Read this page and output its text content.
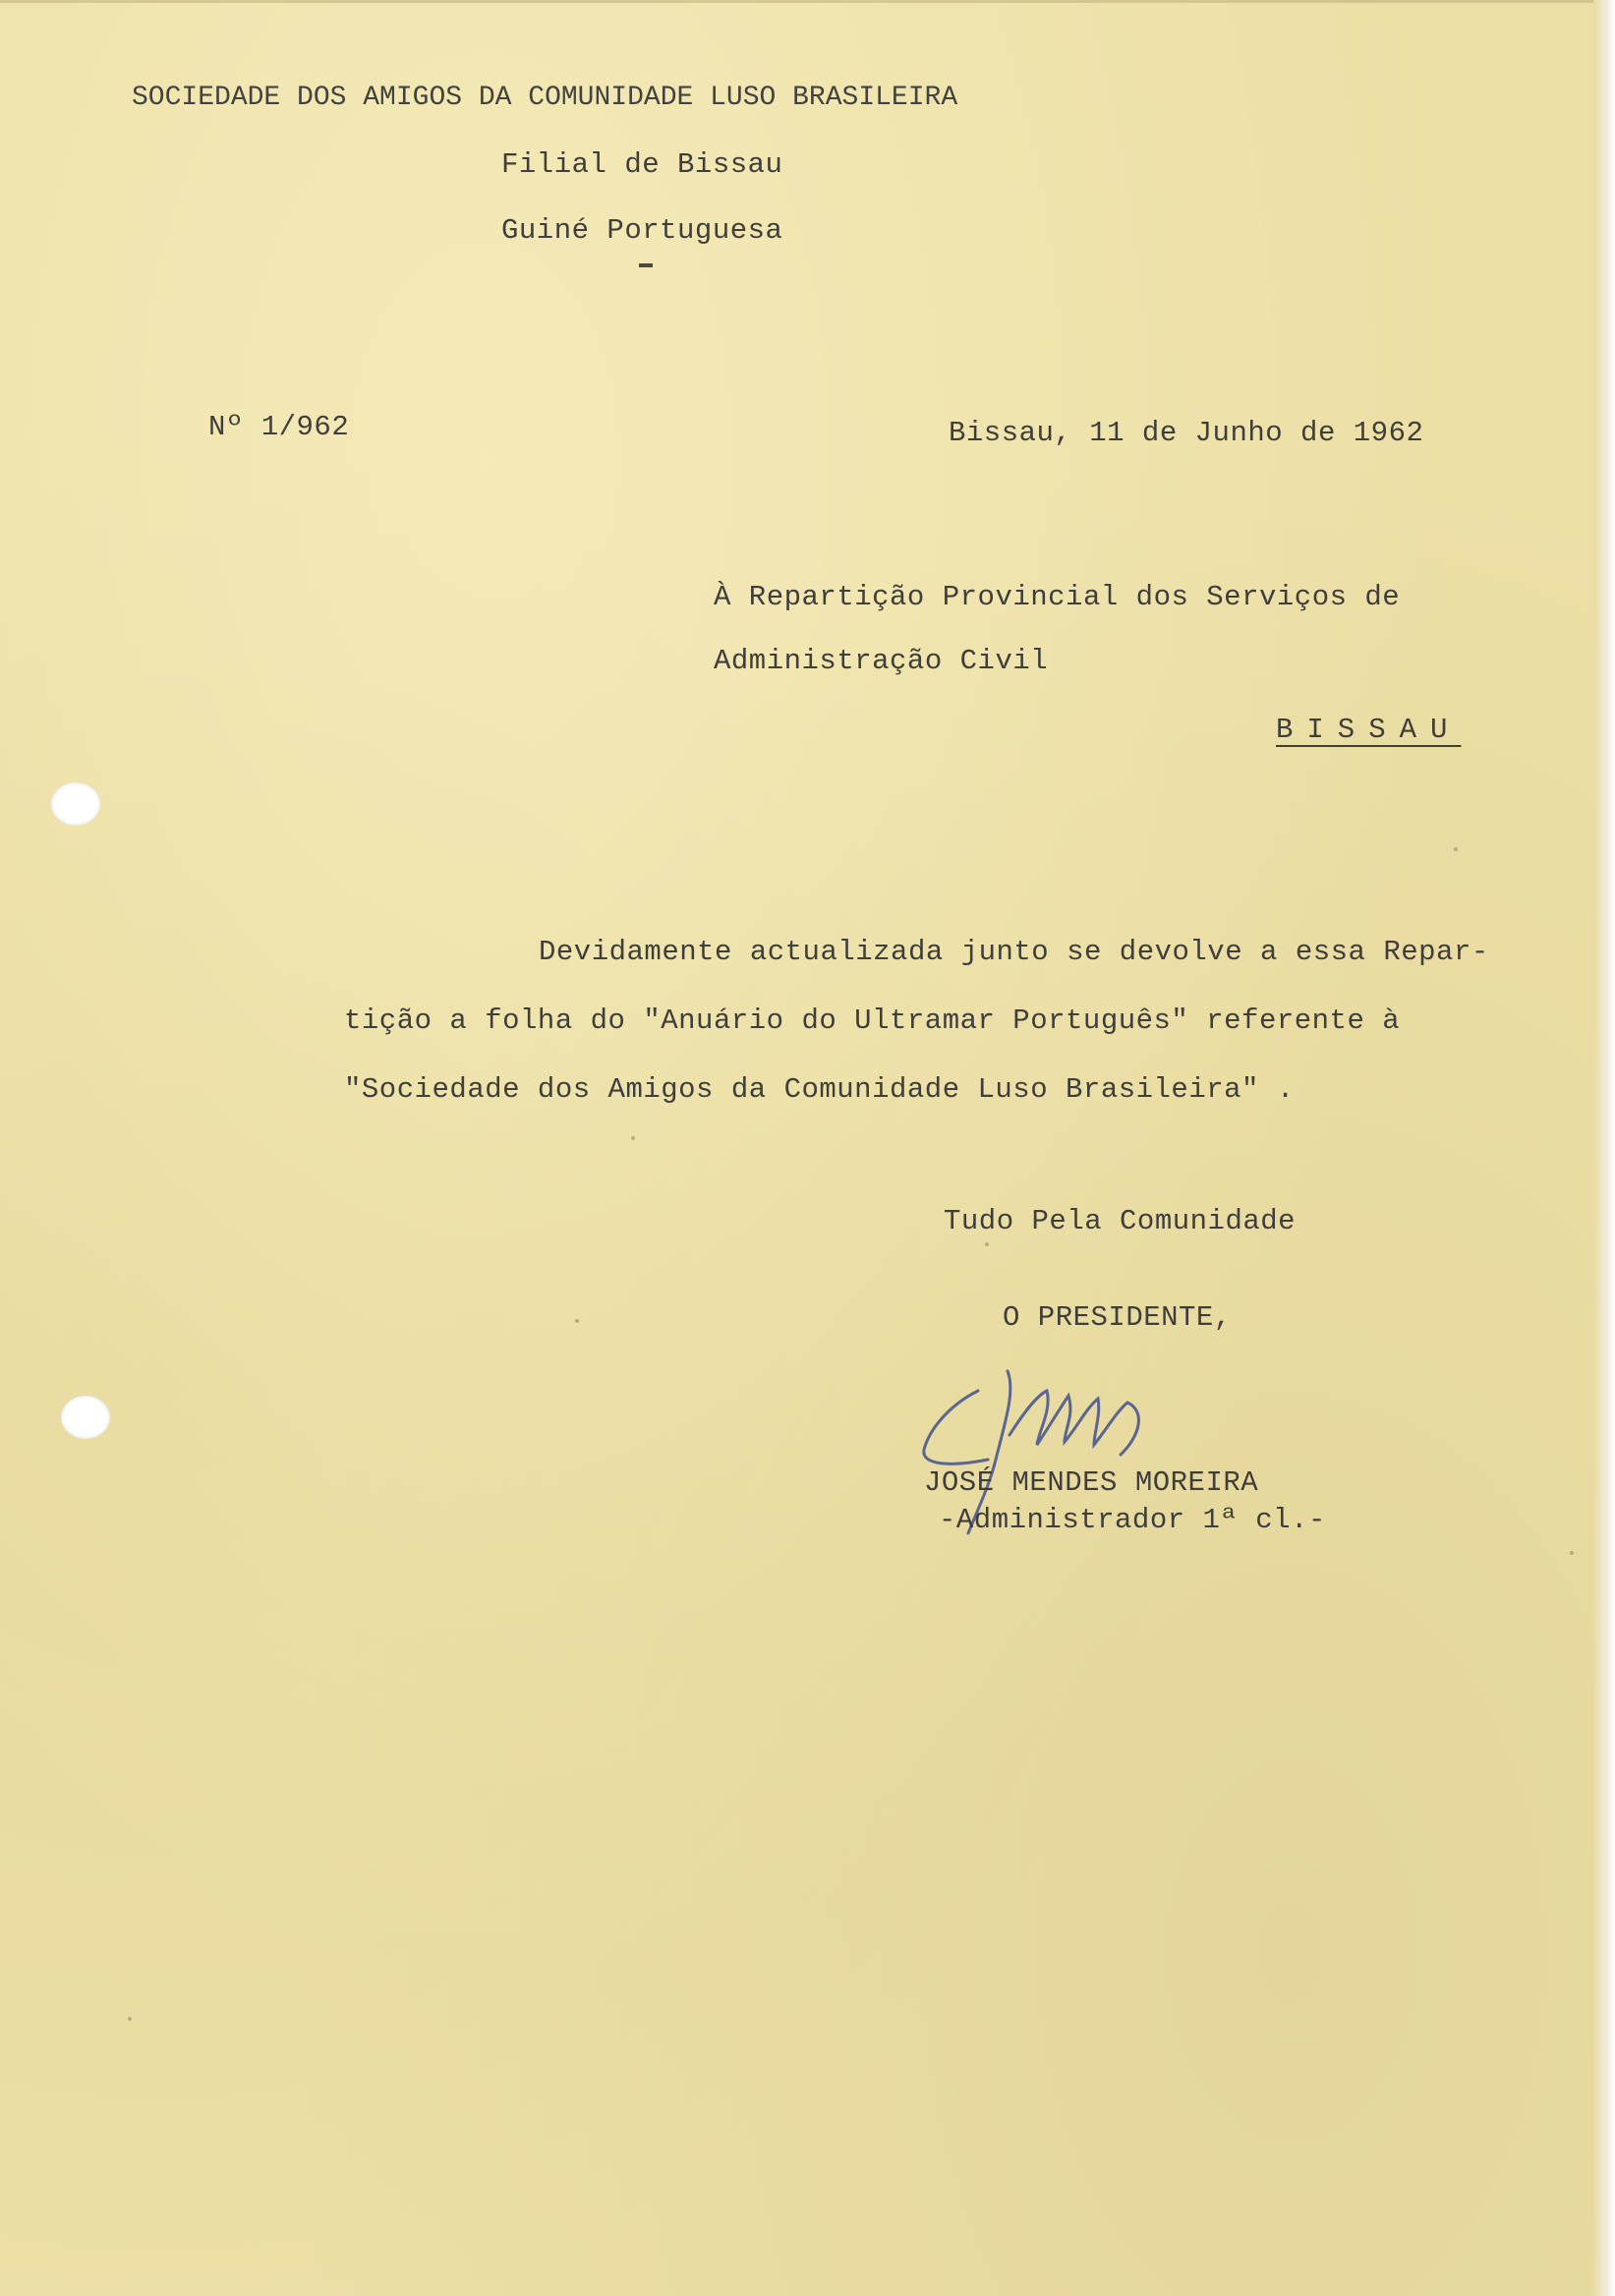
SOCIEDADE DOS AMIGOS DA COMUNIDADE LUSO BRASILEIRA
Filial de Bissau
Guiné Portuguesa
Nº 1/962	Bissau, 11 de Junho de 1962
À Repartição Provincial dos Serviços de
Administração Civil
BISSAU
Devidamente actualizada junto se devolve a essa Repar-
tição a folha do "Anuário do Ultramar Português" referente à
"Sociedade dos Amigos da Comunidade Luso Brasileira" .
Tudo Pela Comunidade
O PRESIDENTE,
JOSÉ MENDES MOREIRA
-Administrador 1ª cl.-
